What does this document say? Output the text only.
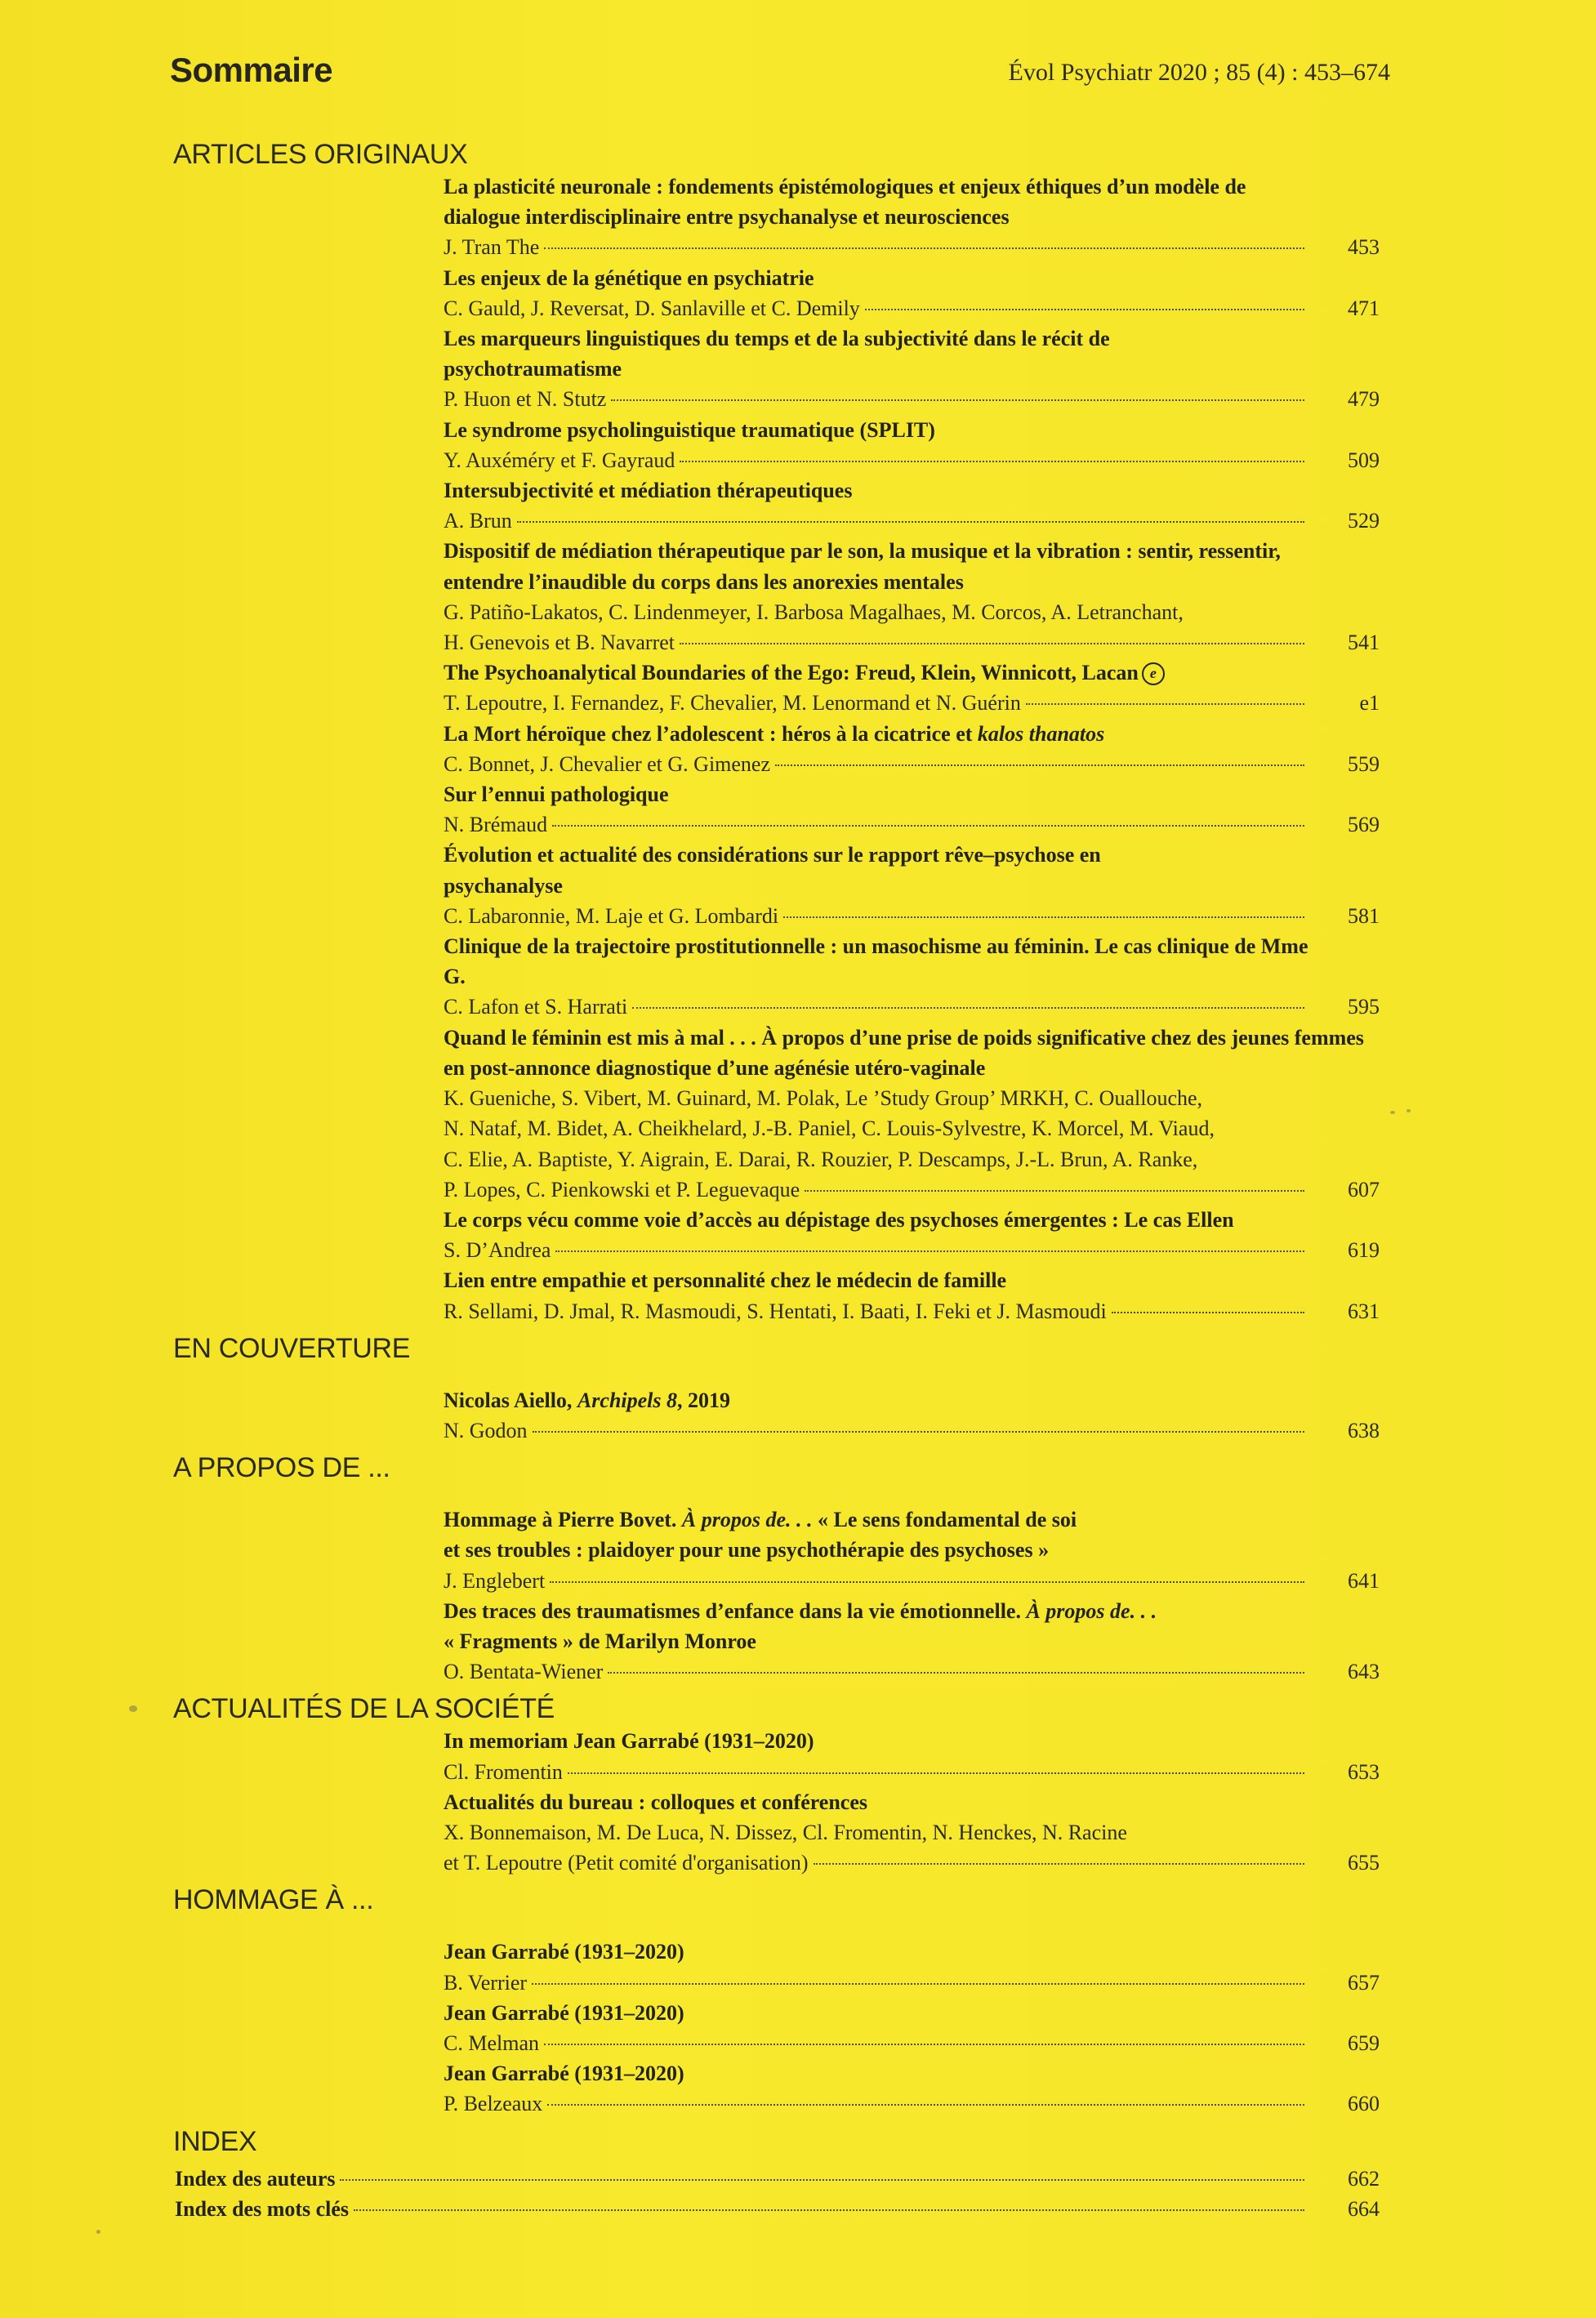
Sommaire	Évol Psychiatr 2020 ; 85 (4) : 453–674
ARTICLES ORIGINAUX
La plasticité neuronale : fondements épistémologiques et enjeux éthiques d’un modèle de dialogue interdisciplinaire entre psychanalyse et neurosciences
J. Tran The	453
Les enjeux de la génétique en psychiatrie
C. Gauld, J. Reversat, D. Sanlaville et C. Demily	471
Les marqueurs linguistiques du temps et de la subjectivité dans le récit de psychotraumatisme
P. Huon et N. Stutz	479
Le syndrome psycholinguistique traumatique (SPLIT)
Y. Auxéméry et F. Gayraud	509
Intersubjectivité et médiation thérapeutiques
A. Brun	529
Dispositif de médiation thérapeutique par le son, la musique et la vibration : sentir, ressentir, entendre l’inaudible du corps dans les anorexies mentales
G. Patiño-Lakatos, C. Lindenmeyer, I. Barbosa Magalhaes, M. Corcos, A. Letranchant,
H. Genevois et B. Navarret	541
The Psychoanalytical Boundaries of the Ego: Freud, Klein, Winnicott, Lacan e
T. Lepoutre, I. Fernandez, F. Chevalier, M. Lenormand et N. Guérin	e1
La Mort héroïque chez l’adolescent : héros à la cicatrice et kalos thanatos
C. Bonnet, J. Chevalier et G. Gimenez	559
Sur l’ennui pathologique
N. Brémaud	569
Évolution et actualité des considérations sur le rapport rêve–psychose en psychanalyse
C. Labaronnie, M. Laje et G. Lombardi	581
Clinique de la trajectoire prostitutionnelle : un masochisme au féminin. Le cas clinique de Mme G.
C. Lafon et S. Harrati	595
Quand le féminin est mis à mal . . . À propos d’une prise de poids significative chez des jeunes femmes en post-annonce diagnostique d’une agénésie utéro-vaginale
K. Gueniche, S. Vibert, M. Guinard, M. Polak, Le ’Study Group’ MRKH, C. Ouallouche,
N. Nataf, M. Bidet, A. Cheikhelard, J.-B. Paniel, C. Louis-Sylvestre, K. Morcel, M. Viaud,
C. Elie, A. Baptiste, Y. Aigrain, E. Darai, R. Rouzier, P. Descamps, J.-L. Brun, A. Ranke,
P. Lopes, C. Pienkowski et P. Leguevaque	607
Le corps vécu comme voie d’accès au dépistage des psychoses émergentes : Le cas Ellen
S. D’Andrea	619
Lien entre empathie et personnalité chez le médecin de famille
R. Sellami, D. Jmal, R. Masmoudi, S. Hentati, I. Baati, I. Feki et J. Masmoudi	631
EN COUVERTURE
Nicolas Aiello, Archipels 8, 2019
N. Godon	638
A PROPOS DE ...
Hommage à Pierre Bovet. À propos de. . . « Le sens fondamental de soi
et ses troubles : plaidoyer pour une psychothérapie des psychoses »
J. Englebert	641
Des traces des traumatismes d’enfance dans la vie émotionnelle. À propos de. . .
« Fragments » de Marilyn Monroe
O. Bentata-Wiener	643
ACTUALITÉS DE LA SOCIÉTÉ
In memoriam Jean Garrabé (1931–2020)
Cl. Fromentin	653
Actualités du bureau : colloques et conférences
X. Bonnemaison, M. De Luca, N. Dissez, Cl. Fromentin, N. Henckes, N. Racine
et T. Lepoutre (Petit comité d'organisation)	655
HOMMAGE À ...
Jean Garrabé (1931–2020)
B. Verrier	657
Jean Garrabé (1931–2020)
C. Melman	659
Jean Garrabé (1931–2020)
P. Belzeaux	660
INDEX
Index des auteurs	662
Index des mots clés	664
